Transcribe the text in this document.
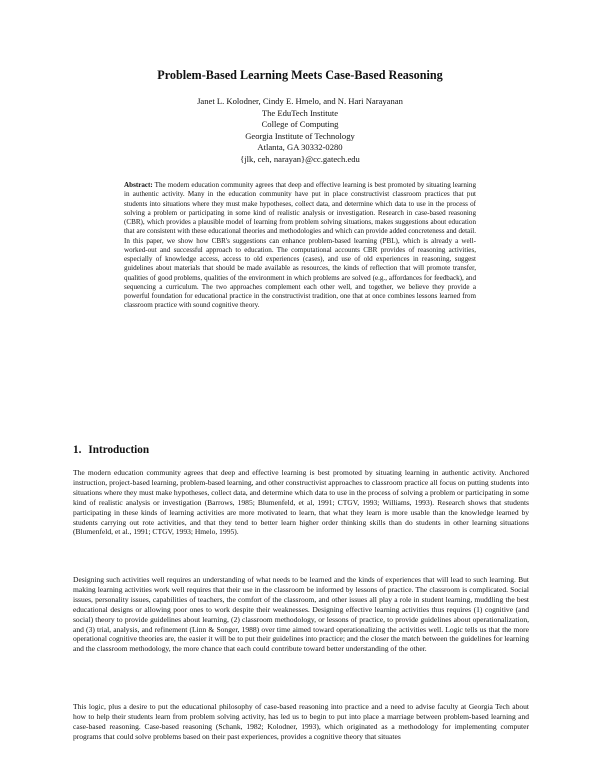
Problem-Based Learning Meets Case-Based Reasoning
Janet L. Kolodner, Cindy E. Hmelo, and N. Hari Narayanan
The EduTech Institute
College of Computing
Georgia Institute of Technology
Atlanta, GA 30332-0280
{jlk, ceh, narayan}@cc.gatech.edu
Abstract: The modern education community agrees that deep and effective learning is best promoted by situating learning in authentic activity. Many in the education community have put in place constructivist classroom practices that put students into situations where they must make hypotheses, collect data, and determine which data to use in the process of solving a problem or participating in some kind of realistic analysis or investigation. Research in case-based reasoning (CBR), which provides a plausible model of learning from problem solving situations, makes suggestions about education that are consistent with these educational theories and methodologies and which can provide added concreteness and detail. In this paper, we show how CBR's suggestions can enhance problem-based learning (PBL), which is already a well-worked-out and successful approach to education. The computational accounts CBR provides of reasoning activities, especially of knowledge access, access to old experiences (cases), and use of old experiences in reasoning, suggest guidelines about materials that should be made available as resources, the kinds of reflection that will promote transfer, qualities of good problems, qualities of the environment in which problems are solved (e.g., affordances for feedback), and sequencing a curriculum. The two approaches complement each other well, and together, we believe they provide a powerful foundation for educational practice in the constructivist tradition, one that at once combines lessons learned from classroom practice with sound cognitive theory.
1. Introduction
The modern education community agrees that deep and effective learning is best promoted by situating learning in authentic activity. Anchored instruction, project-based learning, problem-based learning, and other constructivist approaches to classroom practice all focus on putting students into situations where they must make hypotheses, collect data, and determine which data to use in the process of solving a problem or participating in some kind of realistic analysis or investigation (Barrows, 1985; Blumenfeld, et al, 1991; CTGV, 1993; Williams, 1993). Research shows that students participating in these kinds of learning activities are more motivated to learn, that what they learn is more usable than the knowledge learned by students carrying out rote activities, and that they tend to better learn higher order thinking skills than do students in other learning situations (Blumenfeld, et al., 1991; CTGV, 1993; Hmelo, 1995).
Designing such activities well requires an understanding of what needs to be learned and the kinds of experiences that will lead to such learning. But making learning activities work well requires that their use in the classroom be informed by lessons of practice. The classroom is complicated. Social issues, personality issues, capabilities of teachers, the comfort of the classroom, and other issues all play a role in student learning, muddling the best educational designs or allowing poor ones to work despite their weaknesses. Designing effective learning activities thus requires (1) cognitive (and social) theory to provide guidelines about learning, (2) classroom methodology, or lessons of practice, to provide guidelines about operationalization, and (3) trial, analysis, and refinement (Linn & Songer, 1988) over time aimed toward operationalizing the activities well. Logic tells us that the more operational cognitive theories are, the easier it will be to put their guidelines into practice; and the closer the match between the guidelines for learning and the classroom methodology, the more chance that each could contribute toward better understanding of the other.
This logic, plus a desire to put the educational philosophy of case-based reasoning into practice and a need to advise faculty at Georgia Tech about how to help their students learn from problem solving activity, has led us to begin to put into place a marriage between problem-based learning and case-based reasoning. Case-based reasoning (Schank, 1982; Kolodner, 1993), which originated as a methodology for implementing computer programs that could solve problems based on their past experiences, provides a cognitive theory that situates
